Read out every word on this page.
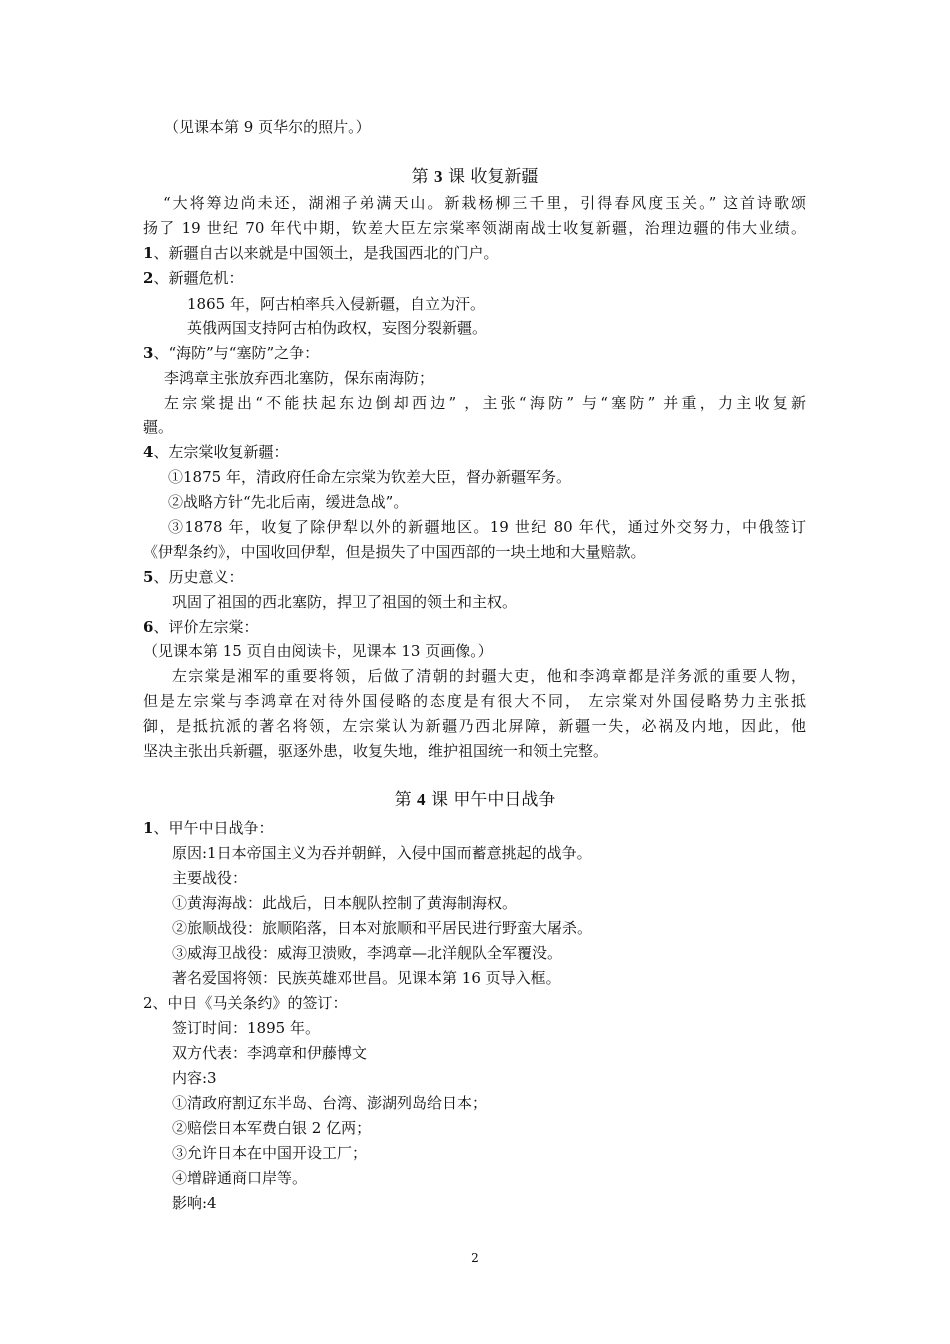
（见课本第 9 页华尔的照片。）
第 3 课 收复新疆
“大将筹边尚未还，湖湘子弟满天山。新栽杨柳三千里，引得春风度玉关。” 这首诗歌颂
扬了 19 世纪 70 年代中期，钦差大臣左宗棠率领湖南战士收复新疆，治理边疆的伟大业绩。
1、新疆自古以来就是中国领土，是我国西北的门户。
2、新疆危机：
1865 年，阿古柏率兵入侵新疆，自立为汗。
英俄两国支持阿古柏伪政权，妄图分裂新疆。
3、“海防”与“塞防”之争：
李鸿章主张放弃西北塞防，保东南海防；
左宗棠提出“不能扶起东边倒却西边” ，主张“海防” 与“塞防” 并重，力主收复新
疆。
4、左宗棠收复新疆：
①1875 年，清政府任命左宗棠为钦差大臣，督办新疆军务。
②战略方针“先北后南，缓进急战”。
③1878 年，收复了除伊犁以外的新疆地区。19 世纪 80 年代，通过外交努力，中俄签订
《伊犁条约》，中国收回伊犁，但是损失了中国西部的一块土地和大量赔款。
5、历史意义：
巩固了祖国的西北塞防，捍卫了祖国的领土和主权。
6、评价左宗棠：
（见课本第 15 页自由阅读卡，见课本 13 页画像。）
左宗棠是湘军的重要将领，后做了清朝的封疆大吏，他和李鸿章都是洋务派的重要人物，
但是左宗棠与李鸿章在对待外国侵略的态度是有很大不同， 左宗棠对外国侵略势力主张抵
御，是抵抗派的著名将领，左宗棠认为新疆乃西北屏障，新疆一失，必祸及内地，因此，他
坚决主张出兵新疆，驱逐外患，收复失地，维护祖国统一和领土完整。
第 4 课 甲午中日战争
1、甲午中日战争：
原因:1日本帝国主义为吞并朝鲜，入侵中国而蓄意挑起的战争。
主要战役：
①黄海海战：此战后，日本舰队控制了黄海制海权。
②旅顺战役：旅顺陷落，日本对旅顺和平居民进行野蛮大屠杀。
③威海卫战役：威海卫溃败，李鸿章—北洋舰队全军覆没。
著名爱国将领：民族英雄邓世昌。见课本第 16 页导入框。
2、中日《马关条约》的签订：
签订时间：1895 年。
双方代表：李鸿章和伊藤博文
内容:3
①清政府割辽东半岛、台湾、澎湖列岛给日本；
②赔偿日本军费白银 2 亿两；
③允许日本在中国开设工厂；
④增辟通商口岸等。
影响:4
2
